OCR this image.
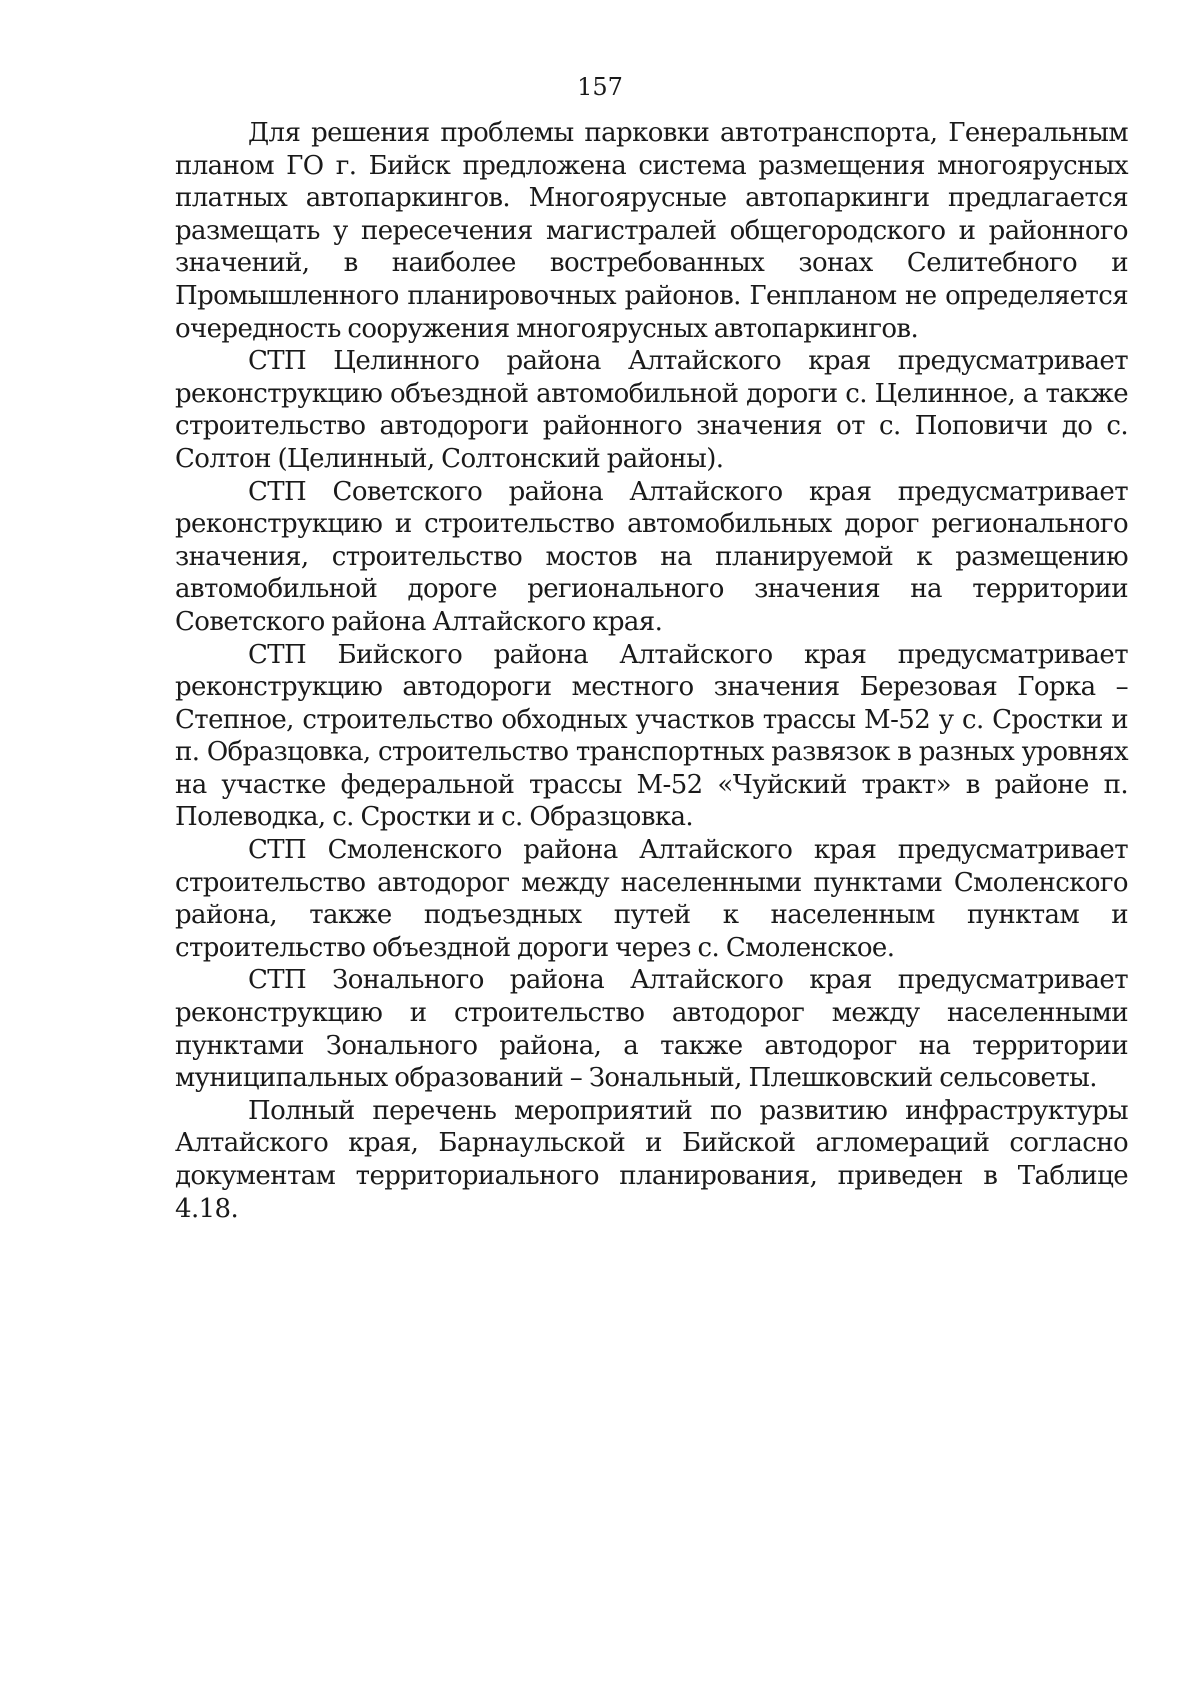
157

Для решения проблемы парковки автотранспорта, Генеральным планом ГО г. Бийск предложена система размещения многоярусных платных автопаркингов. Многоярусные автопаркинги предлагается размещать у пересечения магистралей общегородского и районного значений, в наиболее востребованных зонах Селитебного и Промышленного планировочных районов. Генпланом не определяется очередность сооружения многоярусных автопаркингов.

СТП Целинного района Алтайского края предусматривает реконструкцию объездной автомобильной дороги с. Целинное, а также строительство автодороги районного значения от с. Поповичи до с. Солтон (Целинный, Солтонский районы).

СТП Советского района Алтайского края предусматривает реконструкцию и строительство автомобильных дорог регионального значения, строительство мостов на планируемой к размещению автомобильной дороге регионального значения на территории Советского района Алтайского края.

СТП Бийского района Алтайского края предусматривает реконструкцию автодороги местного значения Березовая Горка – Степное, строительство обходных участков трассы М-52 у с. Сростки и п. Образцовка, строительство транспортных развязок в разных уровнях на участке федеральной трассы М-52 «Чуйский тракт» в районе п. Полеводка, с. Сростки и с. Образцовка.

СТП Смоленского района Алтайского края предусматривает строительство автодорог между населенными пунктами Смоленского района, также подъездных путей к населенным пунктам и строительство объездной дороги через с. Смоленское.

СТП Зонального района Алтайского края предусматривает реконструкцию и строительство автодорог между населенными пунктами Зонального района, а также автодорог на территории муниципальных образований – Зональный, Плешковский сельсоветы.

Полный перечень мероприятий по развитию инфраструктуры Алтайского края, Барнаульской и Бийской агломераций согласно документам территориального планирования, приведен в Таблице 4.18.
